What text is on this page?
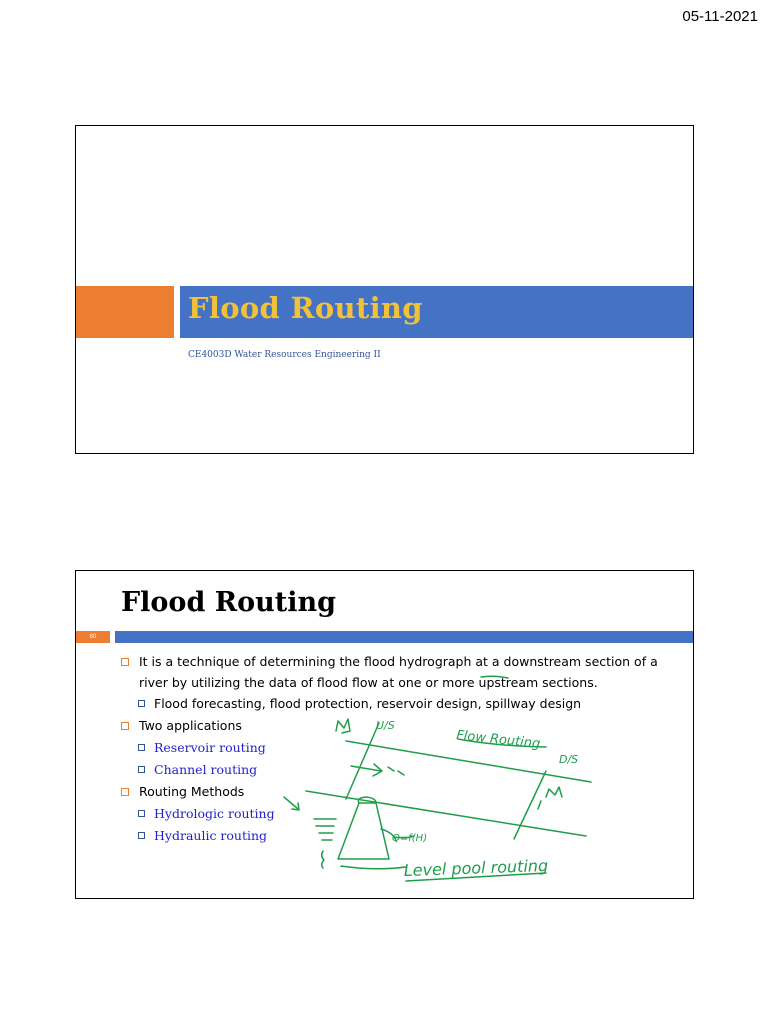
05-11-2021
Flood Routing
CE4003D Water Resources Engineering II
Flood Routing
80
It is a technique of determining the flood hydrograph at a downstream section of a river by utilizing the data of flood flow at one or more upstream sections.
Flood forecasting, flood protection, reservoir design, spillway design
Two applications
Reservoir routing
Channel routing
Routing Methods
Hydrologic routing
Hydraulic routing
U/S
Flow Routing
D/S
Q=f(H)
Level pool routing
